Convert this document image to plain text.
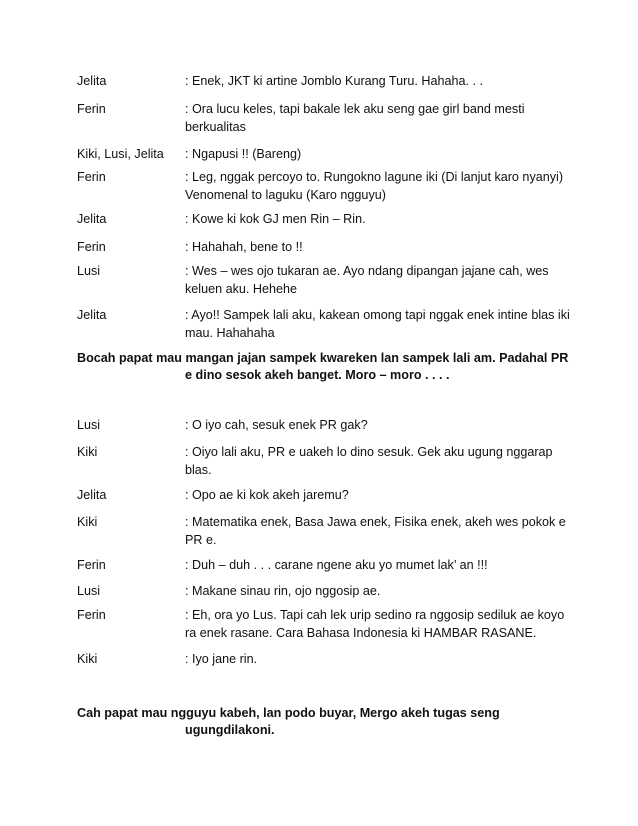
Jelita	: Enek, JKT ki artine Jomblo Kurang Turu. Hahaha. . .
Ferin	: Ora lucu keles, tapi bakale lek aku seng gae girl band mesti berkualitas
Kiki, Lusi, Jelita	: Ngapusi !! (Bareng)
Ferin	: Leg, nggak percoyo to. Rungokno lagune iki (Di lanjut karo nyanyi) Venomenal to laguku (Karo ngguyu)
Jelita	: Kowe ki kok GJ men Rin – Rin.
Ferin	: Hahahah, bene to !!
Lusi	: Wes – wes ojo tukaran ae. Ayo ndang dipangan jajane cah, wes keluen aku. Hehehe
Jelita	: Ayo!! Sampek lali aku, kakean omong tapi nggak enek intine blas iki mau. Hahahaha
Bocah papat mau mangan jajan sampek kwareken lan sampek lali am. Padahal PR
e dino sesok akeh banget. Moro – moro . . . .
Lusi	: O iyo cah, sesuk enek PR gak?
Kiki	: Oiyo lali aku, PR e uakeh lo dino sesuk. Gek aku ugung nggarap blas.
Jelita	: Opo ae ki kok akeh jaremu?
Kiki	: Matematika enek, Basa Jawa enek, Fisika enek, akeh wes pokok e PR e.
Ferin	: Duh – duh . . . carane ngene aku yo mumet lak’ an !!!
Lusi	: Makane sinau rin, ojo nggosip ae.
Ferin	: Eh, ora yo Lus. Tapi cah lek urip sedino ra nggosip sediluk ae koyo ra enek rasane. Cara Bahasa Indonesia ki HAMBAR RASANE.
Kiki	: Iyo jane rin.
Cah papat mau ngguyu kabeh, lan podo buyar, Mergo akeh tugas seng
ugungdilakoni.
